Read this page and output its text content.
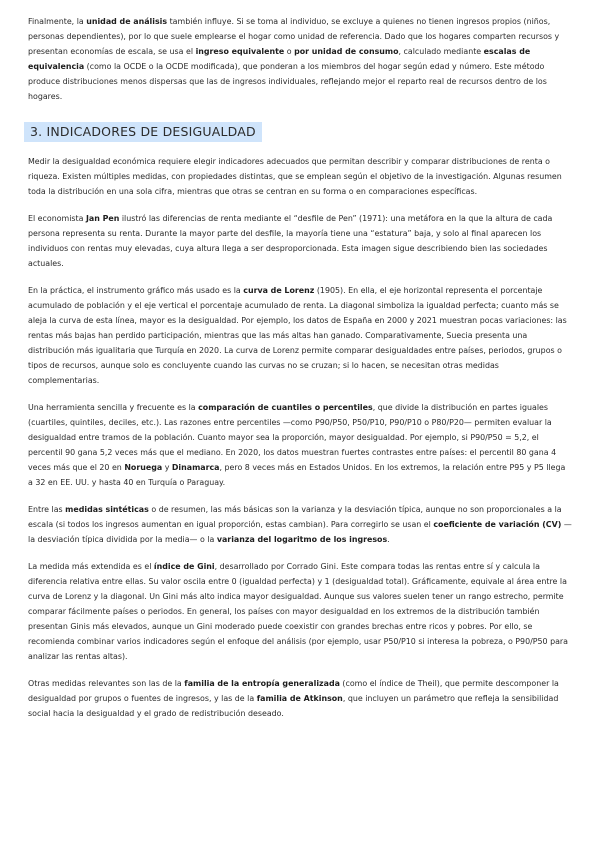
Finalmente, la unidad de análisis también influye. Si se toma al individuo, se excluye a quienes no tienen ingresos propios (niños, personas dependientes), por lo que suele emplearse el hogar como unidad de referencia. Dado que los hogares comparten recursos y presentan economías de escala, se usa el ingreso equivalente o por unidad de consumo, calculado mediante escalas de equivalencia (como la OCDE o la OCDE modificada), que ponderan a los miembros del hogar según edad y número. Este método produce distribuciones menos dispersas que las de ingresos individuales, reflejando mejor el reparto real de recursos dentro de los hogares.

3. INDICADORES DE DESIGUALDAD

Medir la desigualdad económica requiere elegir indicadores adecuados que permitan describir y comparar distribuciones de renta o riqueza. Existen múltiples medidas, con propiedades distintas, que se emplean según el objetivo de la investigación. Algunas resumen toda la distribución en una sola cifra, mientras que otras se centran en su forma o en comparaciones específicas.

El economista Jan Pen ilustró las diferencias de renta mediante el “desfile de Pen” (1971): una metáfora en la que la altura de cada persona representa su renta. Durante la mayor parte del desfile, la mayoría tiene una “estatura” baja, y solo al final aparecen los individuos con rentas muy elevadas, cuya altura llega a ser desproporcionada. Esta imagen sigue describiendo bien las sociedades actuales.

En la práctica, el instrumento gráfico más usado es la curva de Lorenz (1905). En ella, el eje horizontal representa el porcentaje acumulado de población y el eje vertical el porcentaje acumulado de renta. La diagonal simboliza la igualdad perfecta; cuanto más se aleja la curva de esta línea, mayor es la desigualdad. Por ejemplo, los datos de España en 2000 y 2021 muestran pocas variaciones: las rentas más bajas han perdido participación, mientras que las más altas han ganado. Comparativamente, Suecia presenta una distribución más igualitaria que Turquía en 2020. La curva de Lorenz permite comparar desigualdades entre países, periodos, grupos o tipos de recursos, aunque solo es concluyente cuando las curvas no se cruzan; si lo hacen, se necesitan otras medidas complementarias.

Una herramienta sencilla y frecuente es la comparación de cuantiles o percentiles, que divide la distribución en partes iguales (cuartiles, quintiles, deciles, etc.). Las razones entre percentiles —como P90/P50, P50/P10, P90/P10 o P80/P20— permiten evaluar la desigualdad entre tramos de la población. Cuanto mayor sea la proporción, mayor desigualdad. Por ejemplo, si P90/P50 = 5,2, el percentil 90 gana 5,2 veces más que el mediano. En 2020, los datos muestran fuertes contrastes entre países: el percentil 80 gana 4 veces más que el 20 en Noruega y Dinamarca, pero 8 veces más en Estados Unidos. En los extremos, la relación entre P95 y P5 llega a 32 en EE. UU. y hasta 40 en Turquía o Paraguay.

Entre las medidas sintéticas o de resumen, las más básicas son la varianza y la desviación típica, aunque no son proporcionales a la escala (si todos los ingresos aumentan en igual proporción, estas cambian). Para corregirlo se usan el coeficiente de variación (CV) —la desviación típica dividida por la media— o la varianza del logaritmo de los ingresos.

La medida más extendida es el índice de Gini, desarrollado por Corrado Gini. Este compara todas las rentas entre sí y calcula la diferencia relativa entre ellas. Su valor oscila entre 0 (igualdad perfecta) y 1 (desigualdad total). Gráficamente, equivale al área entre la curva de Lorenz y la diagonal. Un Gini más alto indica mayor desigualdad. Aunque sus valores suelen tener un rango estrecho, permite comparar fácilmente países o periodos. En general, los países con mayor desigualdad en los extremos de la distribución también presentan Ginis más elevados, aunque un Gini moderado puede coexistir con grandes brechas entre ricos y pobres. Por ello, se recomienda combinar varios indicadores según el enfoque del análisis (por ejemplo, usar P50/P10 si interesa la pobreza, o P90/P50 para analizar las rentas altas).

Otras medidas relevantes son las de la familia de la entropía generalizada (como el índice de Theil), que permite descomponer la desigualdad por grupos o fuentes de ingresos, y las de la familia de Atkinson, que incluyen un parámetro que refleja la sensibilidad social hacia la desigualdad y el grado de redistribución deseado.
